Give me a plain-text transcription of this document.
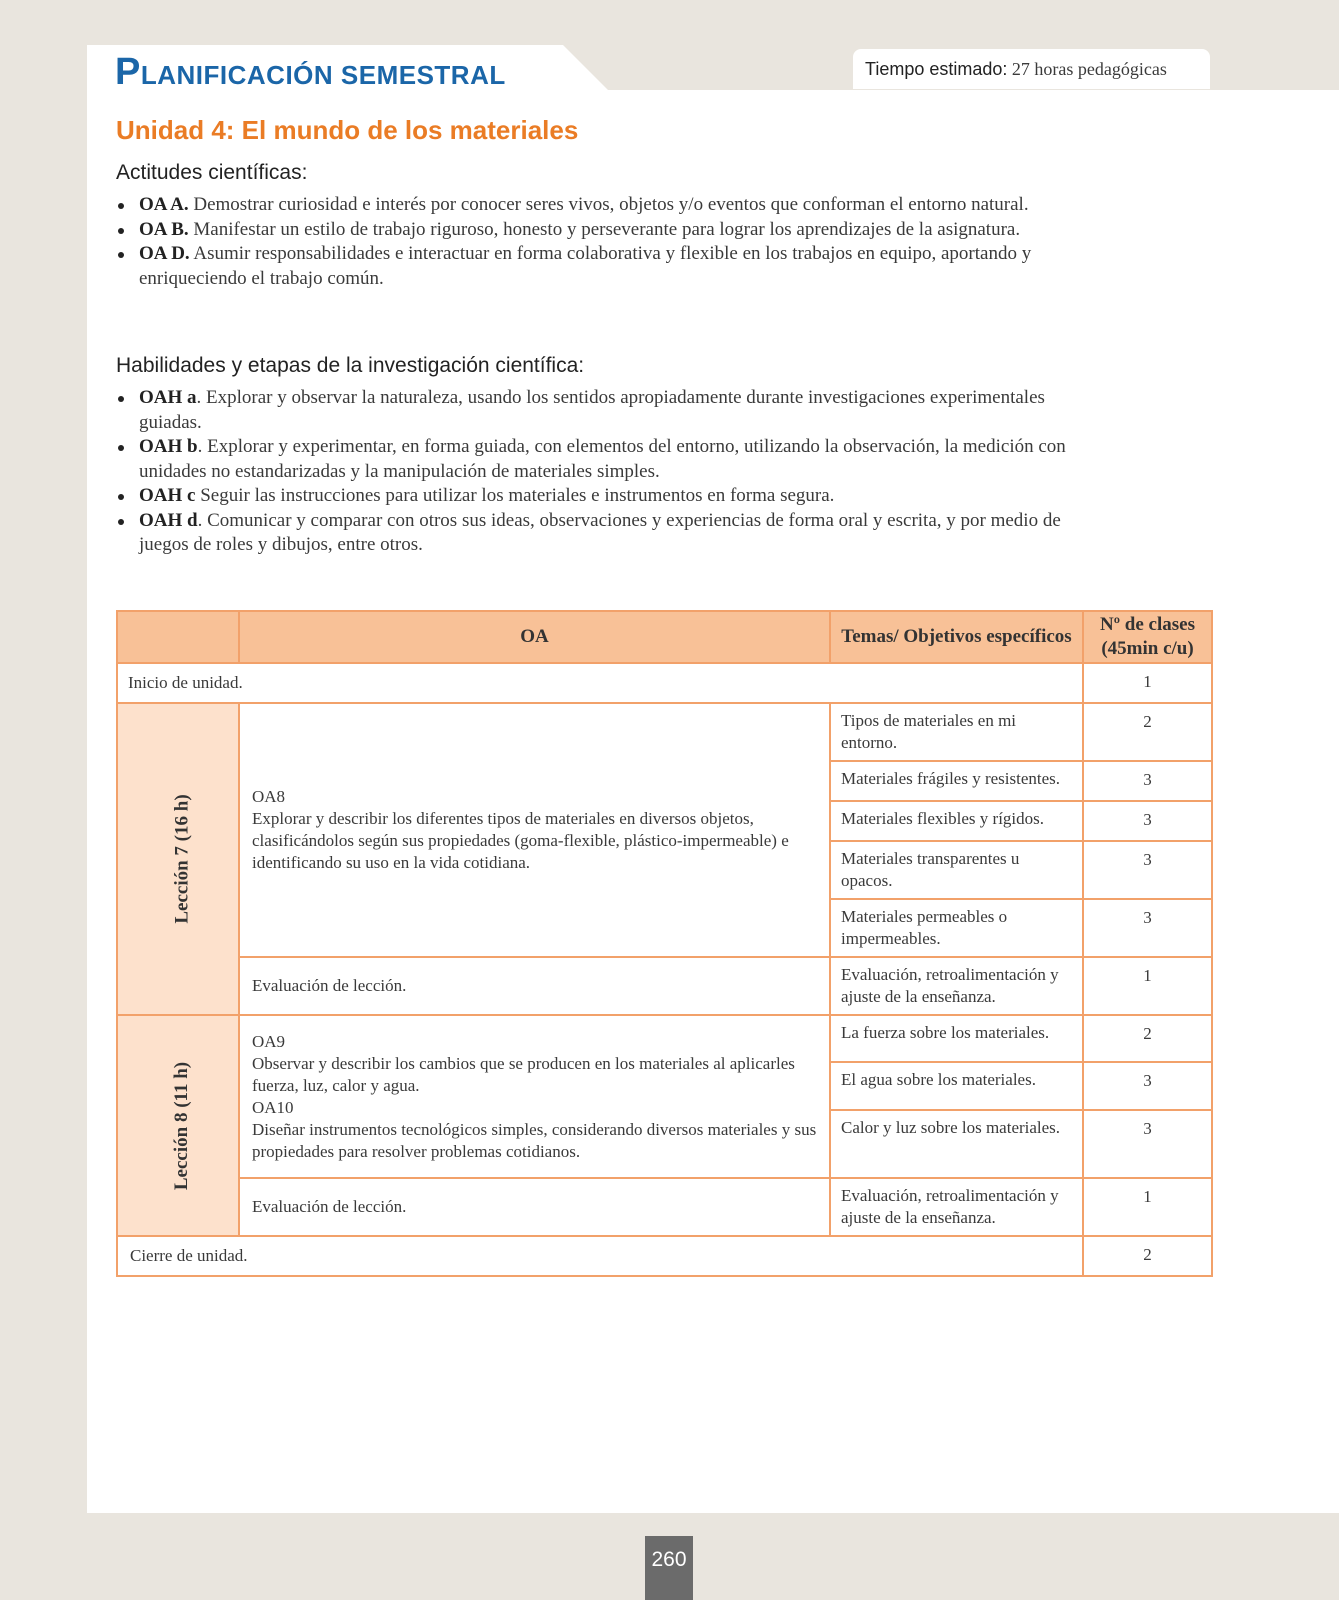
PLANIFICACIÓN SEMESTRAL	Tiempo estimado: 27 horas pedagógicas
Unidad 4: El mundo de los materiales
Actitudes científicas:
OA A. Demostrar curiosidad e interés por conocer seres vivos, objetos y/o eventos que conforman el entorno natural.
OA B. Manifestar un estilo de trabajo riguroso, honesto y perseverante para lograr los aprendizajes de la asignatura.
OA D. Asumir responsabilidades e interactuar en forma colaborativa y flexible en los trabajos en equipo, aportando y enriqueciendo el trabajo común.
Habilidades y etapas de la investigación científica:
OAH a. Explorar y observar la naturaleza, usando los sentidos apropiadamente durante investigaciones experimentales guiadas.
OAH b. Explorar y experimentar, en forma guiada, con elementos del entorno, utilizando la observación, la medición con unidades no estandarizadas y la manipulación de materiales simples.
OAH c Seguir las instrucciones para utilizar los materiales e instrumentos en forma segura.
OAH d. Comunicar y comparar con otros sus ideas, observaciones y experiencias de forma oral y escrita, y por medio de juegos de roles y dibujos, entre otros.
	OA	Temas/ Objetivos específicos	Nº de clases (45min c/u)
Inicio de unidad.			1
Lección 7 (16 h)	OA8
Explorar y describir los diferentes tipos de materiales en diversos objetos, clasificándolos según sus propiedades (goma-flexible, plástico-impermeable) e identificando su uso en la vida cotidiana.	Tipos de materiales en mi entorno.	2
		Materiales frágiles y resistentes.	3
		Materiales flexibles y rígidos.	3
		Materiales transparentes u opacos.	3
		Materiales permeables o impermeables.	3
	Evaluación de lección.	Evaluación, retroalimentación y ajuste de la enseñanza.	1
Lección 8 (11 h)	OA9
Observar y describir los cambios que se producen en los materiales al aplicarles fuerza, luz, calor y agua.
OA10
Diseñar instrumentos tecnológicos simples, considerando diversos materiales y sus propiedades para resolver problemas cotidianos.	La fuerza sobre los materiales.	2
		El agua sobre los materiales.	3
		Calor y luz sobre los materiales.	3
	Evaluación de lección.	Evaluación, retroalimentación y ajuste de la enseñanza.	1
Cierre de unidad.			2
260
